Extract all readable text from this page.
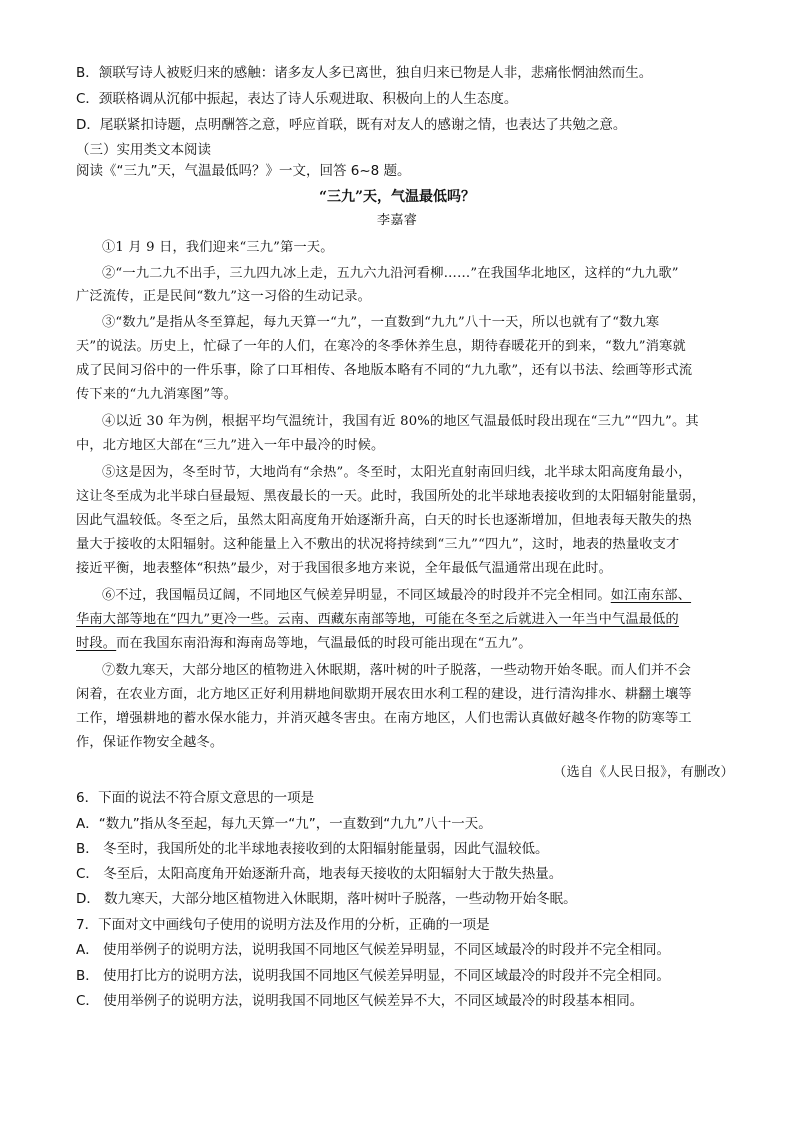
B．颔联写诗人被贬归来的感触：诸多友人多已离世，独自归来已物是人非，悲痛怅惘油然而生。
C．颈联格调从沉郁中振起，表达了诗人乐观进取、积极向上的人生态度。
D．尾联紧扣诗题，点明酬答之意，呼应首联，既有对友人的感谢之情，也表达了共勉之意。
（三）实用类文本阅读
阅读《“三九”天，气温最低吗？》一文，回答 6~8 题。
“三九”天，气温最低吗？
李嘉睿
①1 月 9 日，我们迎来“三九”第一天。
②“一九二九不出手，三九四九冰上走，五九六九沿河看柳……”在我国华北地区，这样的“九九歌”
广泛流传，正是民间“数九”这一习俗的生动记录。
③“数九”是指从冬至算起，每九天算一“九”，一直数到“九九”八十一天，所以也就有了“数九寒
天”的说法。历史上，忙碌了一年的人们，在寒冷的冬季休养生息，期待春暖花开的到来，“数九”消寒就
成了民间习俗中的一件乐事，除了口耳相传、各地版本略有不同的“九九歌”，还有以书法、绘画等形式流
传下来的“九九消寒图”等。
④以近 30 年为例，根据平均气温统计，我国有近 80%的地区气温最低时段出现在“三九”“四九”。其
中，北方地区大部在“三九”进入一年中最冷的时候。
⑤这是因为，冬至时节，大地尚有“余热”。冬至时，太阳光直射南回归线，北半球太阳高度角最小，
这让冬至成为北半球白昼最短、黑夜最长的一天。此时，我国所处的北半球地表接收到的太阳辐射能量弱，
因此气温较低。冬至之后，虽然太阳高度角开始逐渐升高，白天的时长也逐渐增加，但地表每天散失的热
量大于接收的太阳辐射。这种能量上入不敷出的状况将持续到“三九”“四九”，这时，地表的热量收支才
接近平衡，地表整体“积热”最少，对于我国很多地方来说，全年最低气温通常出现在此时。
⑥不过，我国幅员辽阔，不同地区气候差异明显，不同区域最冷的时段并不完全相同。如江南东部、
华南大部等地在“四九”更冷一些。云南、西藏东南部等地，可能在冬至之后就进入一年当中气温最低的
时段。而在我国东南沿海和海南岛等地，气温最低的时段可能出现在“五九”。
⑦数九寒天，大部分地区的植物进入休眠期，落叶树的叶子脱落，一些动物开始冬眠。而人们并不会
闲着，在农业方面，北方地区正好利用耕地间歇期开展农田水利工程的建设，进行清沟排水、耕翻土壤等
工作，增强耕地的蓄水保水能力，并消灭越冬害虫。在南方地区，人们也需认真做好越冬作物的防寒等工
作，保证作物安全越冬。
（选自《人民日报》，有删改）
6．下面的说法不符合原文意思的一项是
A．“数九”指从冬至起，每九天算一“九”，一直数到“九九”八十一天。
B． 冬至时，我国所处的北半球地表接收到的太阳辐射能量弱，因此气温较低。
C． 冬至后，太阳高度角开始逐渐升高，地表每天接收的太阳辐射大于散失热量。
D． 数九寒天，大部分地区植物进入休眠期，落叶树叶子脱落，一些动物开始冬眠。
7．下面对文中画线句子使用的说明方法及作用的分析，正确的一项是
A． 使用举例子的说明方法，说明我国不同地区气候差异明显，不同区域最冷的时段并不完全相同。
B． 使用打比方的说明方法，说明我国不同地区气候差异明显，不同区域最冷的时段并不完全相同。
C． 使用举例子的说明方法，说明我国不同地区气候差异不大，不同区域最冷的时段基本相同。
